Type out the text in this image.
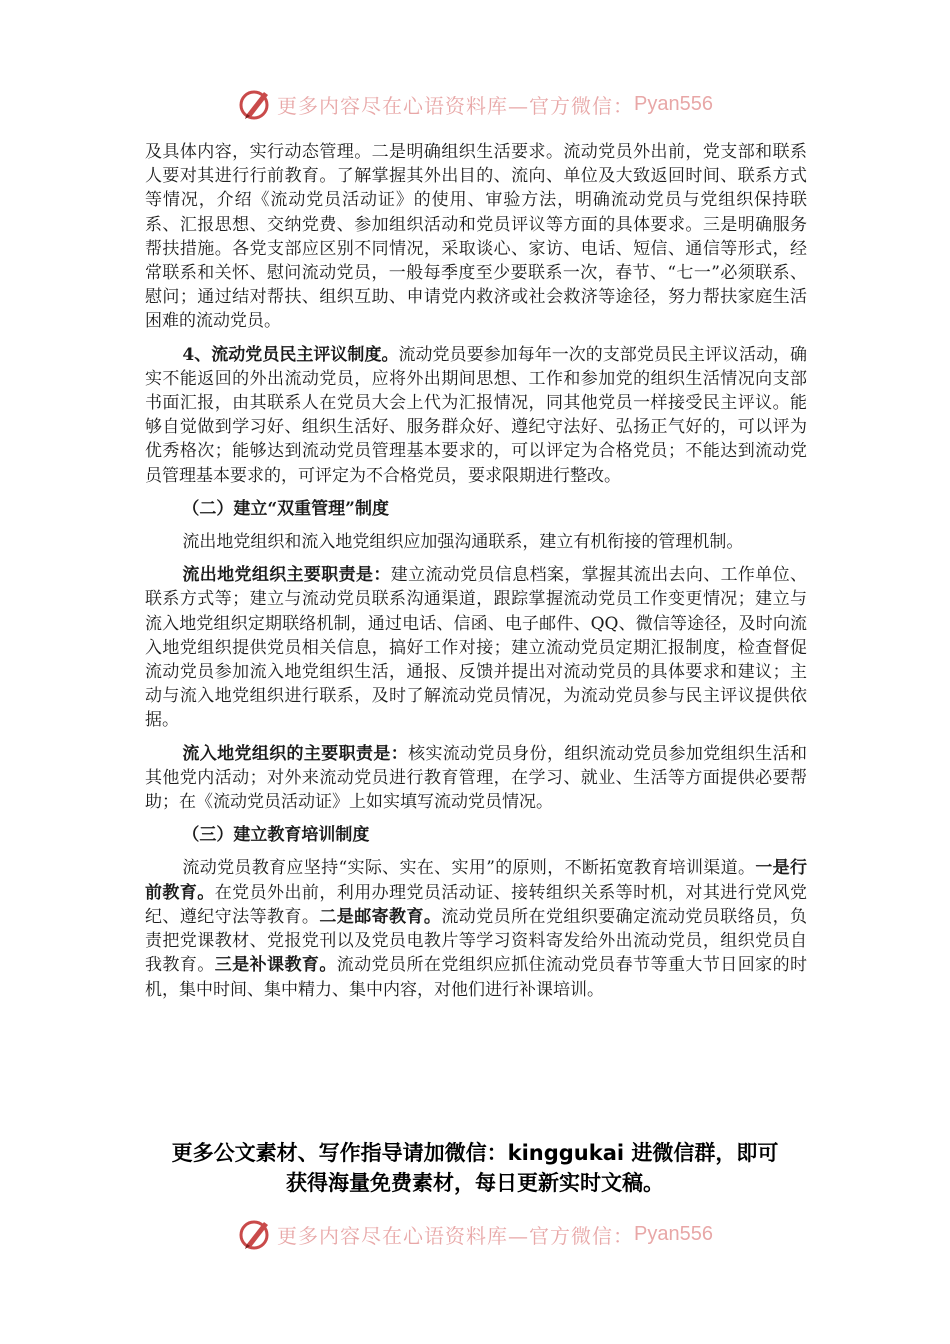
更多内容尽在心语资料库—官方微信： Pyan556

及具体内容，实行动态管理。二是明确组织生活要求。流动党员外出前，党支部和联系人要对其进行行前教育。了解掌握其外出目的、流向、单位及大致返回时间、联系方式等情况，介绍《流动党员活动证》的使用、审验方法，明确流动党员与党组织保持联系、汇报思想、交纳党费、参加组织活动和党员评议等方面的具体要求。三是明确服务帮扶措施。各党支部应区别不同情况，采取谈心、家访、电话、短信、通信等形式，经常联系和关怀、慰问流动党员，一般每季度至少要联系一次，春节、“七一”必须联系、慰问；通过结对帮扶、组织互助、申请党内救济或社会救济等途径，努力帮扶家庭生活困难的流动党员。

4、流动党员民主评议制度。流动党员要参加每年一次的支部党员民主评议活动，确实不能返回的外出流动党员，应将外出期间思想、工作和参加党的组织生活情况向支部书面汇报，由其联系人在党员大会上代为汇报情况，同其他党员一样接受民主评议。能够自觉做到学习好、组织生活好、服务群众好、遵纪守法好、弘扬正气好的，可以评为优秀格次；能够达到流动党员管理基本要求的，可以评定为合格党员；不能达到流动党员管理基本要求的，可评定为不合格党员，要求限期进行整改。

（二）建立“双重管理”制度

流出地党组织和流入地党组织应加强沟通联系，建立有机衔接的管理机制。

流出地党组织主要职责是：建立流动党员信息档案，掌握其流出去向、工作单位、联系方式等；建立与流动党员联系沟通渠道，跟踪掌握流动党员工作变更情况；建立与流入地党组织定期联络机制，通过电话、信函、电子邮件、QQ、微信等途径，及时向流入地党组织提供党员相关信息，搞好工作对接；建立流动党员定期汇报制度，检查督促流动党员参加流入地党组织生活，通报、反馈并提出对流动党员的具体要求和建议；主动与流入地党组织进行联系，及时了解流动党员情况，为流动党员参与民主评议提供依据。

流入地党组织的主要职责是：核实流动党员身份，组织流动党员参加党组织生活和其他党内活动；对外来流动党员进行教育管理，在学习、就业、生活等方面提供必要帮助；在《流动党员活动证》上如实填写流动党员情况。

（三）建立教育培训制度

流动党员教育应坚持“实际、实在、实用”的原则，不断拓宽教育培训渠道。一是行前教育。在党员外出前，利用办理党员活动证、接转组织关系等时机，对其进行党风党纪、遵纪守法等教育。二是邮寄教育。流动党员所在党组织要确定流动党员联络员，负责把党课教材、党报党刊以及党员电教片等学习资料寄发给外出流动党员，组织党员自我教育。三是补课教育。流动党员所在党组织应抓住流动党员春节等重大节日回家的时机，集中时间、集中精力、集中内容，对他们进行补课培训。

更多公文素材、写作指导请加微信：kinggukai 进微信群，即可
获得海量免费素材，每日更新实时文稿。
更多内容尽在心语资料库—官方微信： Pyan556
